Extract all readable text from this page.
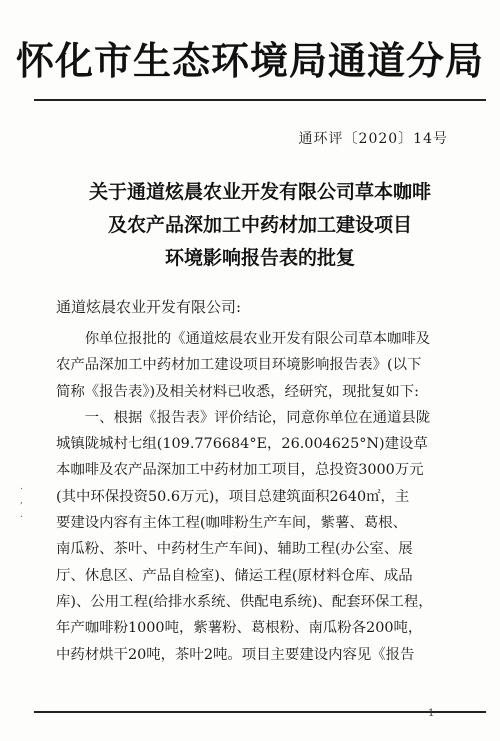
怀化市生态环境局通道分局
通环评〔2020〕14号
关于通道炫晨农业开发有限公司草本咖啡
及农产品深加工中药材加工建设项目
环境影响报告表的批复
通道炫晨农业开发有限公司:
　　你单位报批的《通道炫晨农业开发有限公司草本咖啡及
农产品深加工中药材加工建设项目环境影响报告表》(以下
简称《报告表》)及相关材料已收悉，经研究，现批复如下:
　　一、根据《报告表》评价结论，同意你单位在通道县陇
城镇陇城村七组(109.776684°E，26.004625°N)建设草
本咖啡及农产品深加工中药材加工项目，总投资3000万元
(其中环保投资50.6万元)，项目总建筑面积2640㎡，主
要建设内容有主体工程(咖啡粉生产车间，紫薯、葛根、
南瓜粉、茶叶、中药材生产车间)、辅助工程(办公室、展
厅、休息区、产品自检室)、储运工程(原材料仓库、成品
库)、公用工程(给排水系统、供配电系统)、配套环保工程，
年产咖啡粉1000吨，紫薯粉、葛根粉、南瓜粉各200吨，
中药材烘干20吨，茶叶2吨。项目主要建设内容见《报告
.
,
.
1
